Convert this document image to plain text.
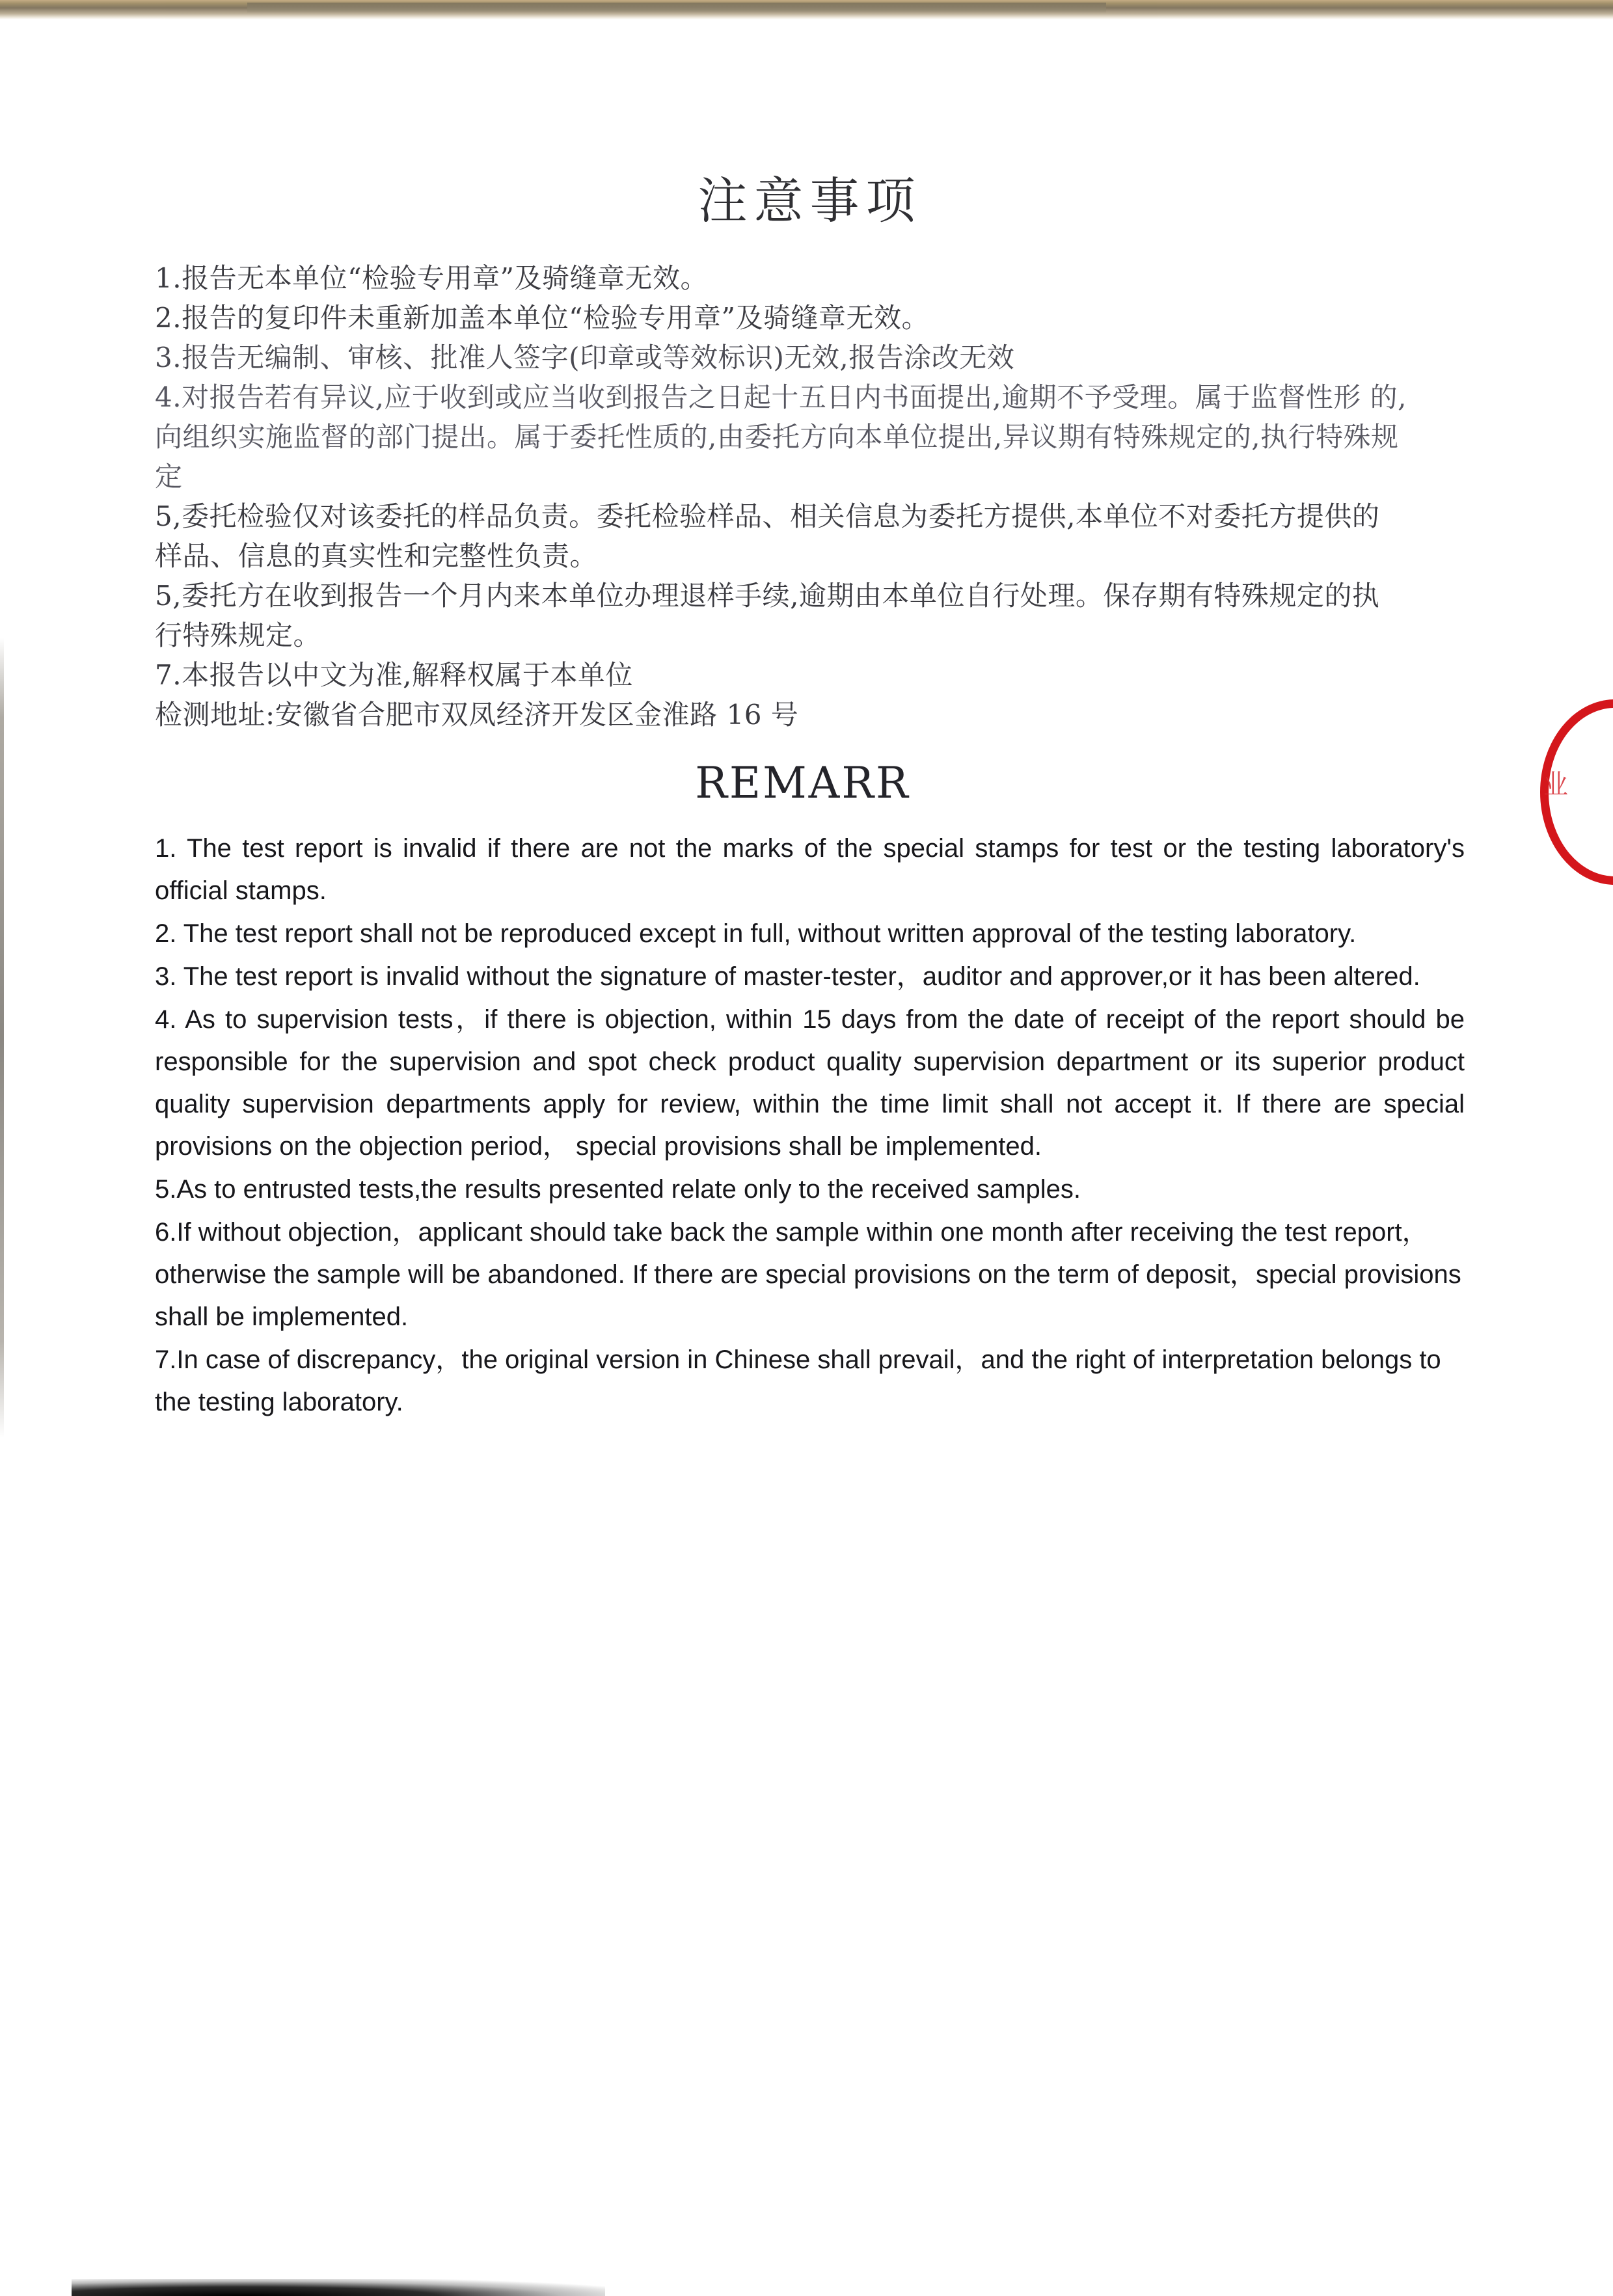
业
注意事项
1.报告无本单位“检验专用章”及骑缝章无效。
2.报告的复印件未重新加盖本单位“检验专用章”及骑缝章无效。
3.报告无编制、审核、批准人签字(印章或等效标识)无效,报告涂改无效
4.对报告若有异议,应于收到或应当收到报告之日起十五日内书面提出,逾期不予受理。属于监督性形 的,
向组织实施监督的部门提出。属于委托性质的,由委托方向本单位提出,异议期有特殊规定的,执行特殊规
定
5,委托检验仅对该委托的样品负责。委托检验样品、相关信息为委托方提供,本单位不对委托方提供的
样品、信息的真实性和完整性负责。
5,委托方在收到报告一个月内来本单位办理退样手续,逾期由本单位自行处理。保存期有特殊规定的执
行特殊规定。
7.本报告以中文为准,解释权属于本单位
检测地址:安徽省合肥市双凤经济开发区金淮路 16 号
REMARR

1. The test report is invalid if there are not the marks of the special stamps for test or the testing laboratory's official stamps.

2. The test report shall not be reproduced except in full, without written approval of the testing laboratory.

3. The test report is invalid without the signature of master-tester，auditor and approver,or it has been altered.

4. As to supervision tests，if there is objection, within 15 days from the date of receipt of the report should be responsible for the supervision and spot check product quality supervision department or its superior product quality supervision departments apply for review, within the time limit shall not accept it. If there are special provisions on the objection period， special provisions shall be implemented.

5.As to entrusted tests,the results presented relate only to the received samples.

6.If without objection，applicant should take back the sample within one month after receiving the test report，otherwise the sample will be abandoned. If there are special provisions on the term of deposit，special provisions shall be implemented.

7.In case of discrepancy，the original version in Chinese shall prevail，and the right of interpretation belongs to the testing laboratory.
